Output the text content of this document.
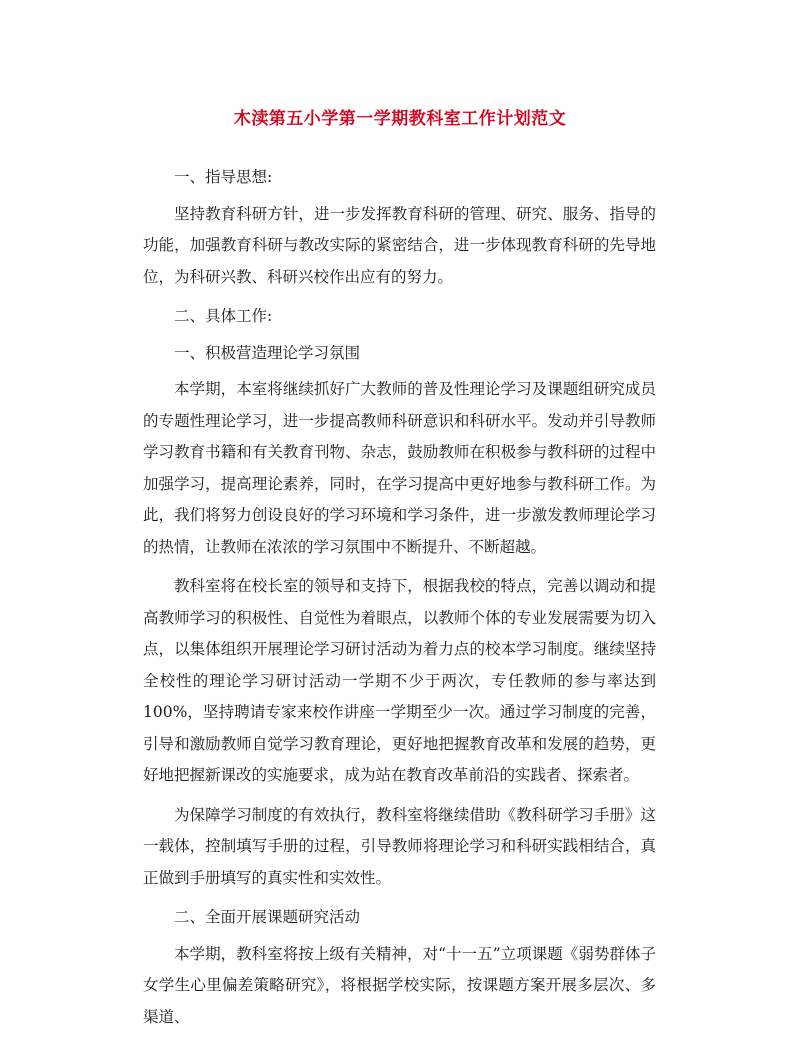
木渎第五小学第一学期教科室工作计划范文

一、指导思想:

坚持教育科研方针，进一步发挥教育科研的管理、研究、服务、指导的功能，加强教育科研与教改实际的紧密结合，进一步体现教育科研的先导地位，为科研兴教、科研兴校作出应有的努力。

二、具体工作:

一、积极营造理论学习氛围

本学期，本室将继续抓好广大教师的普及性理论学习及课题组研究成员的专题性理论学习，进一步提高教师科研意识和科研水平。发动并引导教师学习教育书籍和有关教育刊物、杂志，鼓励教师在积极参与教科研的过程中加强学习，提高理论素养，同时，在学习提高中更好地参与教科研工作。为此，我们将努力创设良好的学习环境和学习条件，进一步激发教师理论学习的热情，让教师在浓浓的学习氛围中不断提升、不断超越。

教科室将在校长室的领导和支持下，根据我校的特点，完善以调动和提高教师学习的积极性、自觉性为着眼点，以教师个体的专业发展需要为切入点，以集体组织开展理论学习研讨活动为着力点的校本学习制度。继续坚持全校性的理论学习研讨活动一学期不少于两次，专任教师的参与率达到 100%，坚持聘请专家来校作讲座一学期至少一次。通过学习制度的完善，引导和激励教师自觉学习教育理论，更好地把握教育改革和发展的趋势，更好地把握新课改的实施要求，成为站在教育改革前沿的实践者、探索者。

为保障学习制度的有效执行，教科室将继续借助《教科研学习手册》这一载体，控制填写手册的过程，引导教师将理论学习和科研实践相结合，真正做到手册填写的真实性和实效性。

二、全面开展课题研究活动

本学期，教科室将按上级有关精神，对“十一五”立项课题《弱势群体子女学生心里偏差策略研究》，将根据学校实际，按课题方案开展多层次、多渠道、
